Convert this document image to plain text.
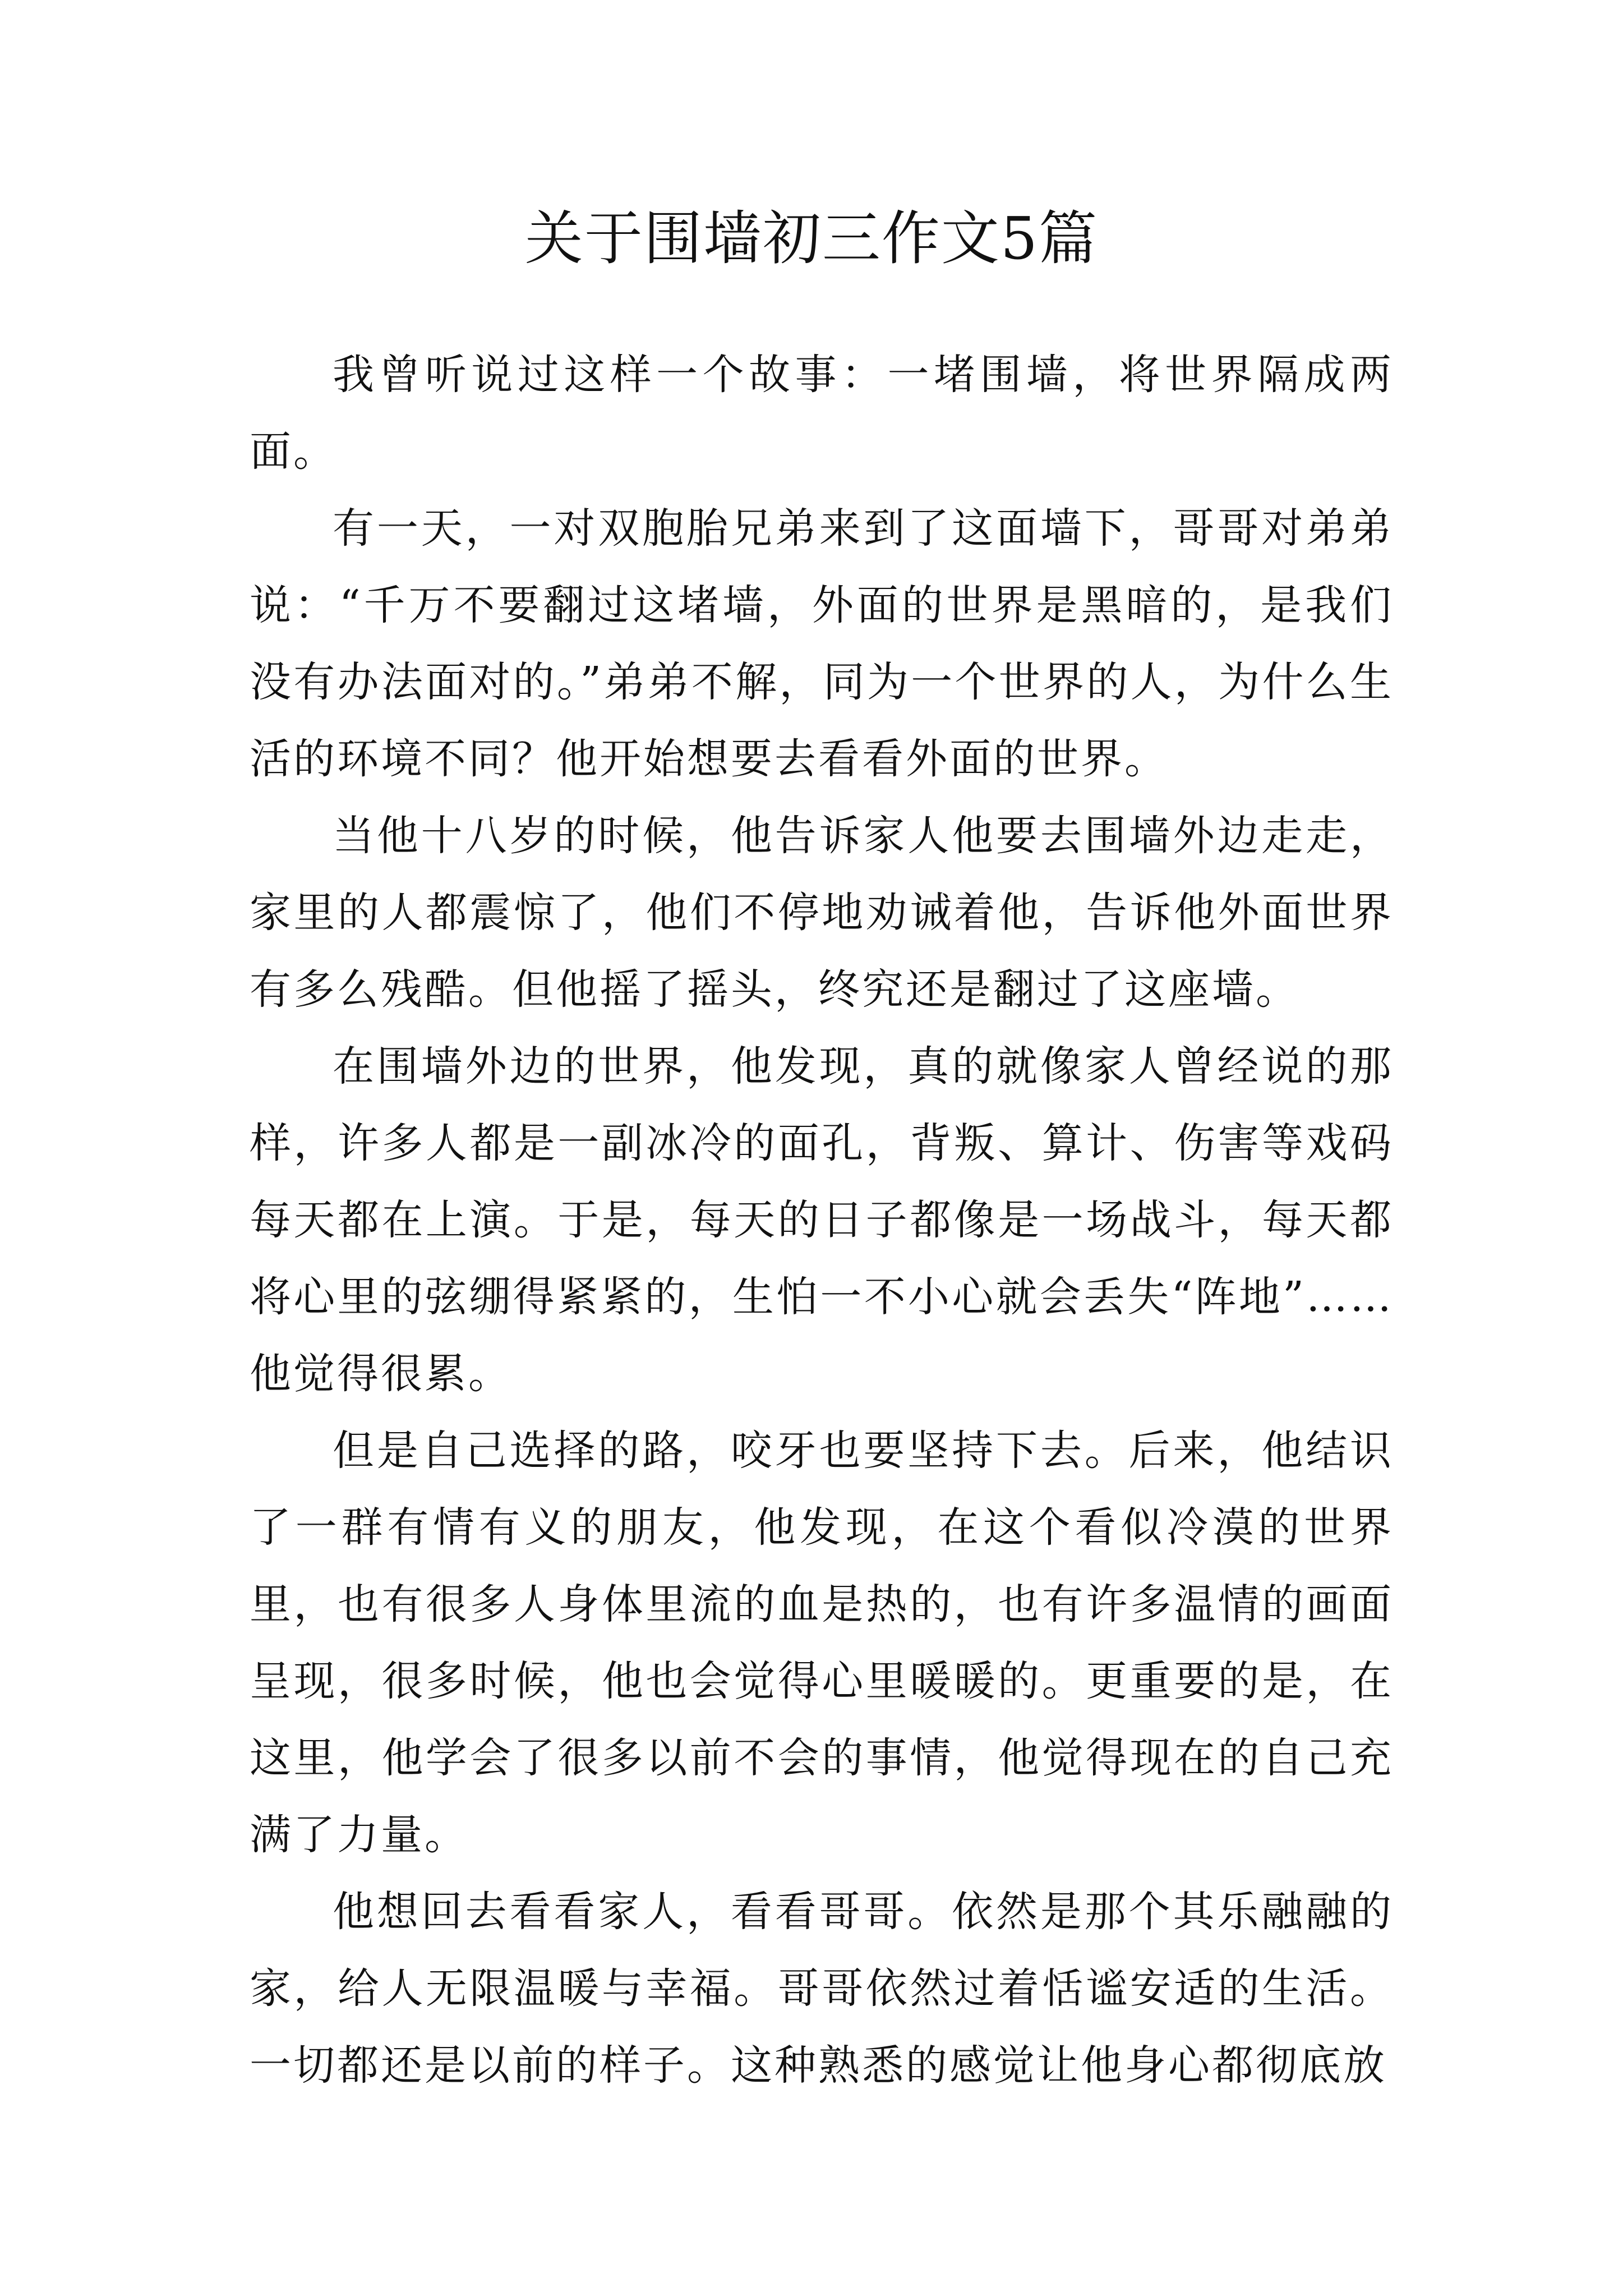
关于围墙初三作文5篇

我曾听说过这样一个故事：一堵围墙，将世界隔成两面。

有一天，一对双胞胎兄弟来到了这面墙下，哥哥对弟弟说：“千万不要翻过这堵墙，外面的世界是黑暗的，是我们没有办法面对的。”弟弟不解，同为一个世界的人，为什么生活的环境不同？他开始想要去看看外面的世界。

当他十八岁的时候，他告诉家人他要去围墙外边走走，家里的人都震惊了，他们不停地劝诫着他，告诉他外面世界有多么残酷。但他摇了摇头，终究还是翻过了这座墙。

在围墙外边的世界，他发现，真的就像家人曾经说的那样，许多人都是一副冰冷的面孔，背叛、算计、伤害等戏码每天都在上演。于是，每天的日子都像是一场战斗，每天都将心里的弦绷得紧紧的，生怕一不小心就会丢失“阵地”……他觉得很累。

但是自己选择的路，咬牙也要坚持下去。后来，他结识了一群有情有义的朋友，他发现，在这个看似冷漠的世界里，也有很多人身体里流的血是热的，也有许多温情的画面呈现，很多时候，他也会觉得心里暖暖的。更重要的是，在这里，他学会了很多以前不会的事情，他觉得现在的自己充满了力量。

他想回去看看家人，看看哥哥。依然是那个其乐融融的家，给人无限温暖与幸福。哥哥依然过着恬谧安适的生活。一切都还是以前的样子。这种熟悉的感觉让他身心都彻底放
